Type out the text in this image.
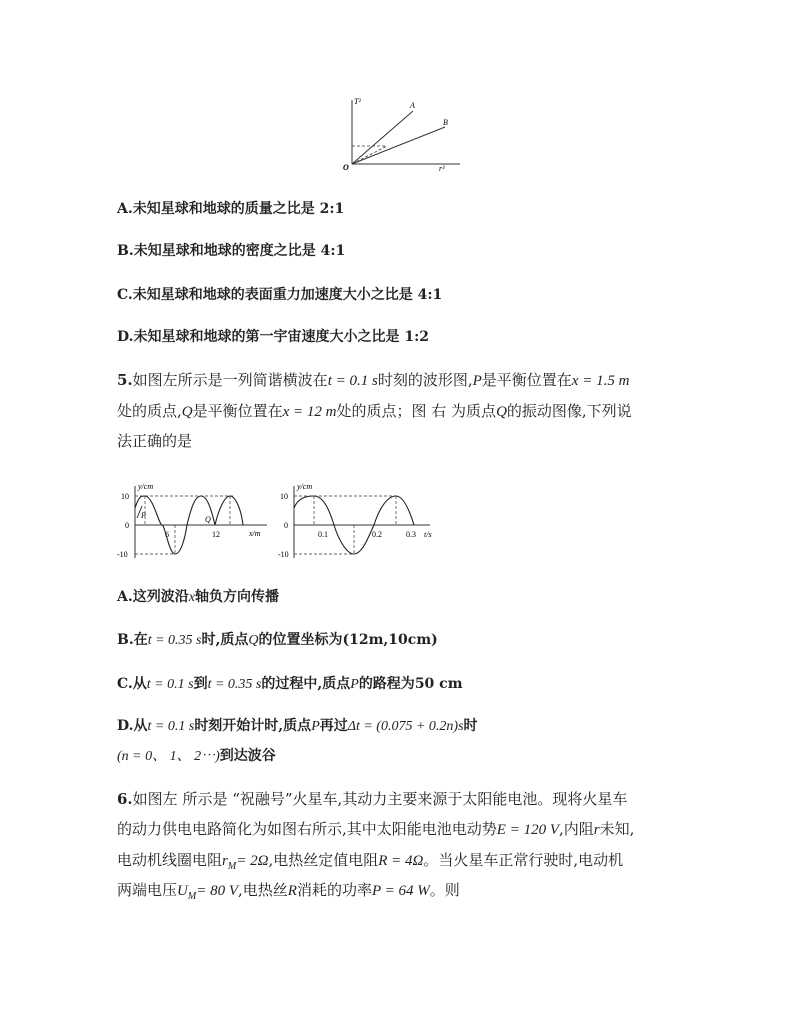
T²
r³
O
A
B
A.未知星球和地球的质量之比是 2:1
B.未知星球和地球的密度之比是 4:1
C.未知星球和地球的表面重力加速度大小之比是 4:1
D.未知星球和地球的第一宇宙速度大小之比是 1:2
5.如图左所示是一列简谐横波在t = 0.1 s时刻的波形图,P是平衡位置在x = 1.5 m
处的质点,Q是平衡位置在x = 12 m处的质点；图 右 为质点Q的振动图像,下列说
法正确的是
y/cm
x/m
10
0
-10
6	12
P	Q
y/cm
t/s
10
0
-10
0.1	0.2	0.3
A.这列波沿x轴负方向传播
B.在t = 0.35 s时,质点Q的位置坐标为(12m,10cm)
C.从t = 0.1 s到t = 0.35 s的过程中,质点P的路程为50 cm
D.从t = 0.1 s时刻开始计时,质点P再过Δt = (0.075 + 0.2n)s时
(n = 0、 1、 2⋯)到达波谷
6.如图左 所示是 “祝融号”火星车,其动力主要来源于太阳能电池。现将火星车
的动力供电电路简化为如图右所示,其中太阳能电池电动势E = 120 V,内阻r未知,
电动机线圈电阻$r_M= 2\Omega$,电热丝定值电阻R = 4Ω。当火星车正常行驶时,电动机
两端电压$U_M= 80$ V,电热丝R消耗的功率P = 64 W。则
